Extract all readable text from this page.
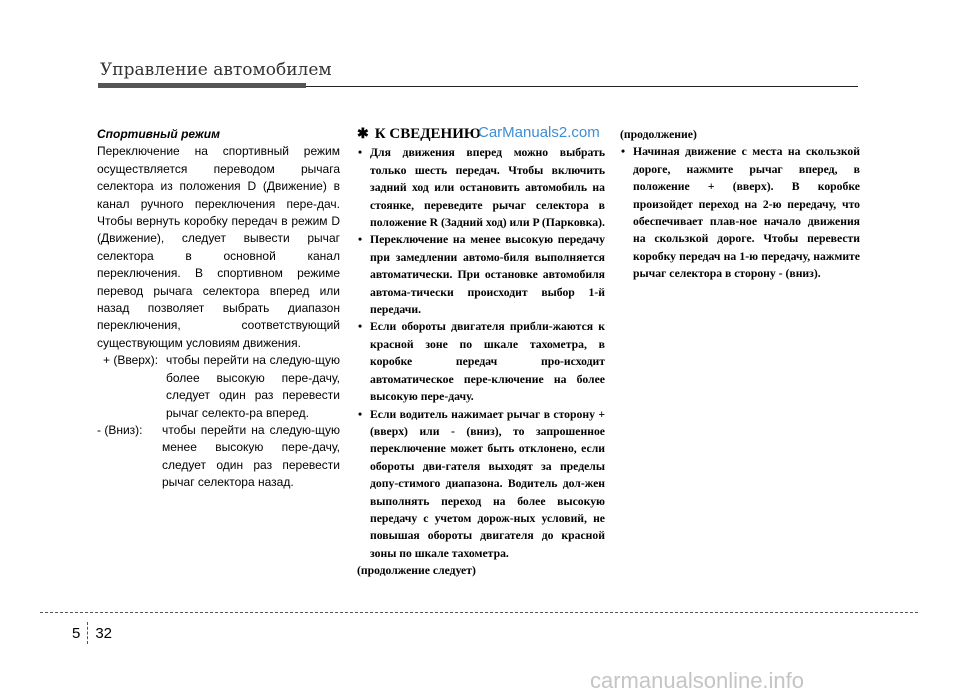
Управление автомобилем
Спортивный режим
Переключение на спортивный режим осуществляется переводом рычага селектора из положения D (Движение) в канал ручного переключения пере-дач. Чтобы вернуть коробку передач в режим D (Движение), следует вывести рычаг селектора в основной канал переключения. В спортивном режиме перевод рычага селектора вперед или назад позволяет выбрать диапазон переключения, соответствующий существующим условиям движения.
+ (Вверх): чтобы перейти на следую-щую более высокую пере-дачу, следует один раз перевести рычаг селекто-ра вперед.
- (Вниз):	чтобы перейти на следую-щую менее высокую пере-дачу, следует один раз перевести рычаг селектора назад.
✱ К СВЕДЕНИЮ
• Для движения вперед можно выбрать только шесть передач. Чтобы включить задний ход или остановить автомобиль на стоянке, переведите рычаг селектора в положение R (Задний ход) или P (Парковка).
• Переключение на менее высокую передачу при замедлении автомо-биля выполняется автоматически. При остановке автомобиля автома-тически происходит выбор 1-й передачи.
• Если обороты двигателя прибли-жаются к красной зоне по шкале тахометра, в коробке передач про-исходит автоматическое пере-ключение на более высокую пере-дачу.
• Если водитель нажимает рычаг в сторону + (вверх) или - (вниз), то запрошенное переключение может быть отклонено, если обороты дви-гателя выходят за пределы допу-стимого диапазона. Водитель дол-жен выполнять переход на более высокую передачу с учетом дорож-ных условий, не повышая обороты двигателя до красной зоны по шкале тахометра.
(продолжение следует)
(продолжение)
• Начиная движение с места на скользкой дороге, нажмите рычаг вперед, в положение + (вверх). В коробке произойдет переход на 2-ю передачу, что обеспечивает плав-ное начало движения на скользкой дороге. Чтобы перевести коробку передач на 1-ю передачу, нажмите рычаг селектора в сторону - (вниз).
CarManuals2.com
5 32
carmanualsonline.info
